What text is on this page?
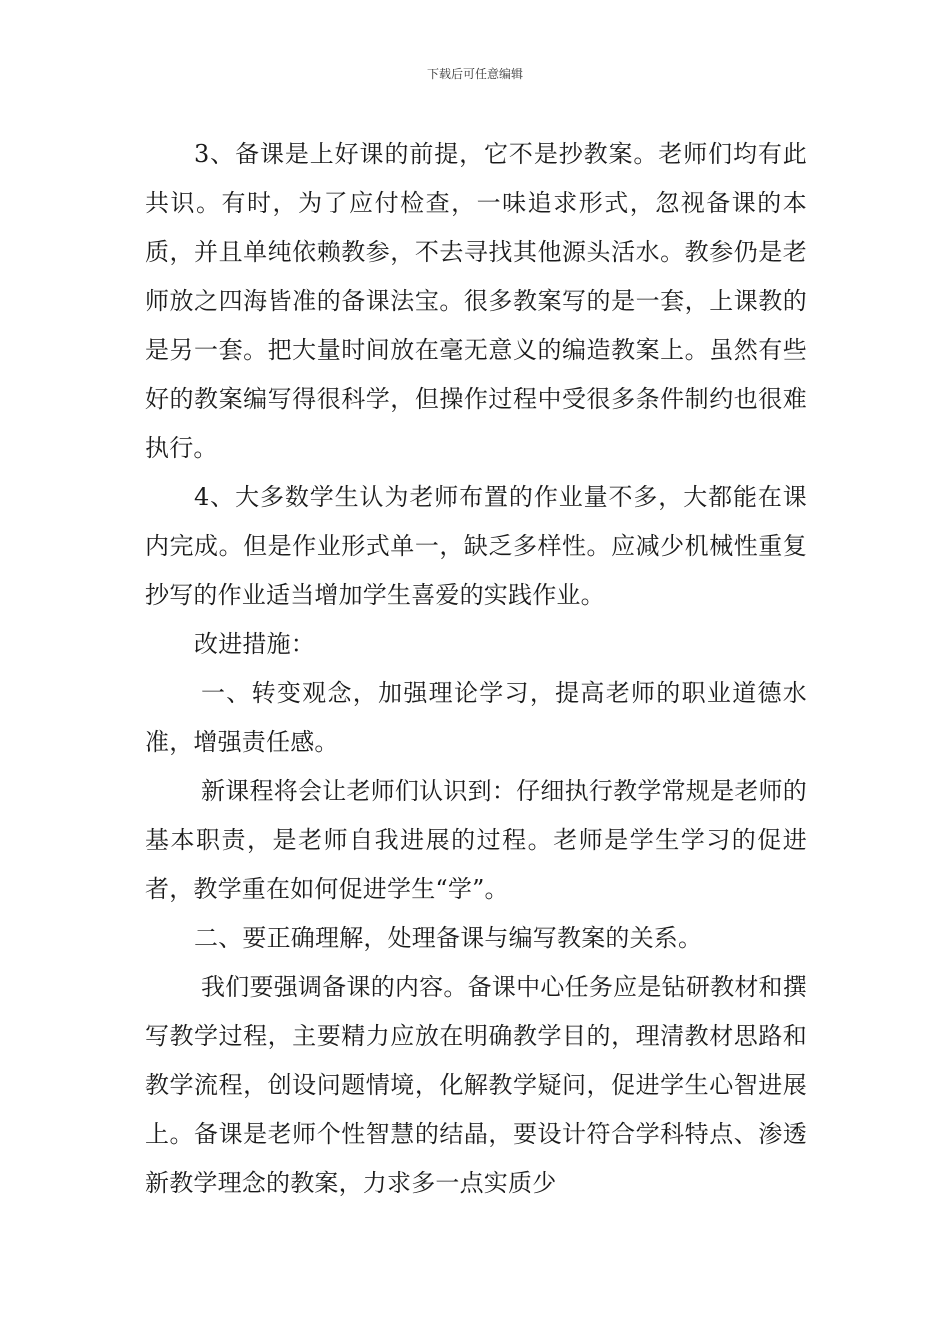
下载后可任意编辑

3、备课是上好课的前提，它不是抄教案。老师们均有此共识。有时，为了应付检查，一味追求形式，忽视备课的本质，并且单纯依赖教参，不去寻找其他源头活水。教参仍是老师放之四海皆准的备课法宝。很多教案写的是一套，上课教的是另一套。把大量时间放在毫无意义的编造教案上。虽然有些好的教案编写得很科学，但操作过程中受很多条件制约也很难执行。

4、大多数学生认为老师布置的作业量不多，大都能在课内完成。但是作业形式单一，缺乏多样性。应减少机械性重复抄写的作业适当增加学生喜爱的实践作业。

改进措施：

一、转变观念，加强理论学习，提高老师的职业道德水准，增强责任感。

新课程将会让老师们认识到：仔细执行教学常规是老师的基本职责，是老师自我进展的过程。老师是学生学习的促进者，教学重在如何促进学生“学”。

二、要正确理解，处理备课与编写教案的关系。

我们要强调备课的内容。备课中心任务应是钻研教材和撰写教学过程，主要精力应放在明确教学目的，理清教材思路和教学流程，创设问题情境，化解教学疑问，促进学生心智进展上。备课是老师个性智慧的结晶，要设计符合学科特点、渗透新教学理念的教案，力求多一点实质少
